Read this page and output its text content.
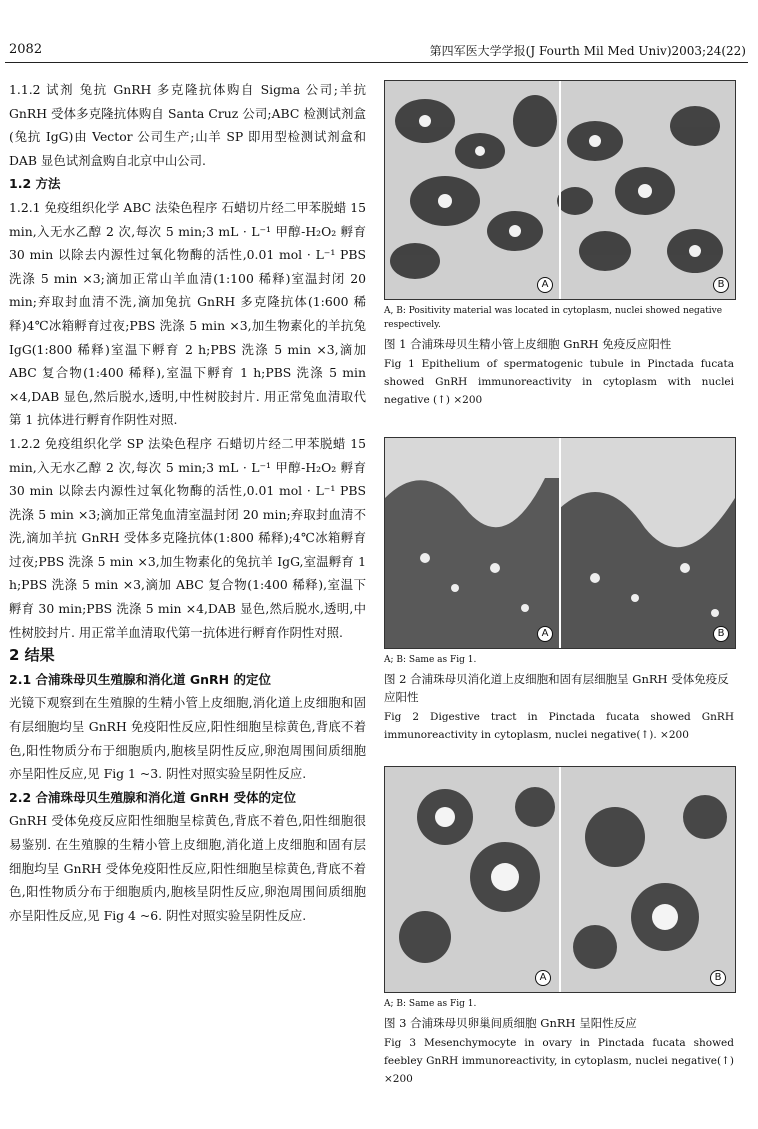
2082	第四军医大学学报(J Fourth Mil Med Univ)2003;24(22)

1.1.2 试剂 兔抗 GnRH 多克隆抗体购自 Sigma 公司;羊抗 GnRH 受体多克隆抗体购自 Santa Cruz 公司;ABC 检测试剂盒(兔抗 IgG)由 Vector 公司生产;山羊 SP 即用型检测试剂盒和 DAB 显色试剂盒购自北京中山公司.

1.2 方法

1.2.1 免疫组织化学 ABC 法染色程序 石蜡切片经二甲苯脱蜡 15 min,入无水乙醇 2 次,每次 5 min;3 mL · L⁻¹ 甲醇-H₂O₂ 孵育 30 min 以除去内源性过氧化物酶的活性,0.01 mol · L⁻¹ PBS 洗涤 5 min ×3;滴加正常山羊血清(1:100 稀释)室温封闭 20 min;弃取封血清不洗,滴加兔抗 GnRH 多克隆抗体(1:600 稀释)4℃冰箱孵育过夜;PBS 洗涤 5 min ×3,加生物素化的羊抗兔 IgG(1:800 稀释)室温下孵育 2 h;PBS 洗涤 5 min ×3,滴加 ABC 复合物(1:400 稀释),室温下孵育 1 h;PBS 洗涤 5 min ×4,DAB 显色,然后脱水,透明,中性树胶封片. 用正常兔血清取代第 1 抗体进行孵育作阴性对照.

1.2.2 免疫组织化学 SP 法染色程序 石蜡切片经二甲苯脱蜡 15 min,入无水乙醇 2 次,每次 5 min;3 mL · L⁻¹ 甲醇-H₂O₂ 孵育 30 min 以除去内源性过氧化物酶的活性,0.01 mol · L⁻¹ PBS 洗涤 5 min ×3;滴加正常兔血清室温封闭 20 min;弃取封血清不洗,滴加羊抗 GnRH 受体多克隆抗体(1:800 稀释);4℃冰箱孵育过夜;PBS 洗涤 5 min ×3,加生物素化的兔抗羊 IgG,室温孵育 1 h;PBS 洗涤 5 min ×3,滴加 ABC 复合物(1:400 稀释),室温下孵育 30 min;PBS 洗涤 5 min ×4,DAB 显色,然后脱水,透明,中性树胶封片. 用正常羊血清取代第一抗体进行孵育作阴性对照.

2 结果

2.1 合浦珠母贝生殖腺和消化道 GnRH 的定位

光镜下观察到在生殖腺的生精小管上皮细胞,消化道上皮细胞和固有层细胞均呈 GnRH 免疫阳性反应,阳性细胞呈棕黄色,背底不着色,阳性物质分布于细胞质内,胞核呈阴性反应,卵泡周围间质细胞亦呈阳性反应,见 Fig 1 ~3. 阴性对照实验呈阴性反应.

2.2 合浦珠母贝生殖腺和消化道 GnRH 受体的定位

GnRH 受体免疫反应阳性细胞呈棕黄色,背底不着色,阳性细胞很易鉴别. 在生殖腺的生精小管上皮细胞,消化道上皮细胞和固有层细胞均呈 GnRH 受体免疫阳性反应,阳性细胞呈棕黄色,背底不着色,阳性物质分布于细胞质内,胞核呈阴性反应,卵泡周围间质细胞亦呈阳性反应,见 Fig 4 ~6. 阴性对照实验呈阴性反应.

A	B
A, B: Positivity material was located in cytoplasm, nuclei showed negative respectively.
图 1 合浦珠母贝生精小管上皮细胞 GnRH 免疫反应阳性
Fig 1 Epithelium of spermatogenic tubule in Pinctada fucata showed GnRH immunoreactivity in cytoplasm with nuclei negative (↑) ×200
A	B
A; B: Same as Fig 1.
图 2 合浦珠母贝消化道上皮细胞和固有层细胞呈 GnRH 受体免疫反应阳性
Fig 2 Digestive tract in Pinctada fucata showed GnRH immunoreactivity in cytoplasm, nuclei negative(↑). ×200
A	B
A; B: Same as Fig 1.
图 3 合浦珠母贝卵巢间质细胞 GnRH 呈阳性反应
Fig 3 Mesenchymocyte in ovary in Pinctada fucata showed feebley GnRH immunoreactivity, in cytoplasm, nuclei negative(↑) ×200
